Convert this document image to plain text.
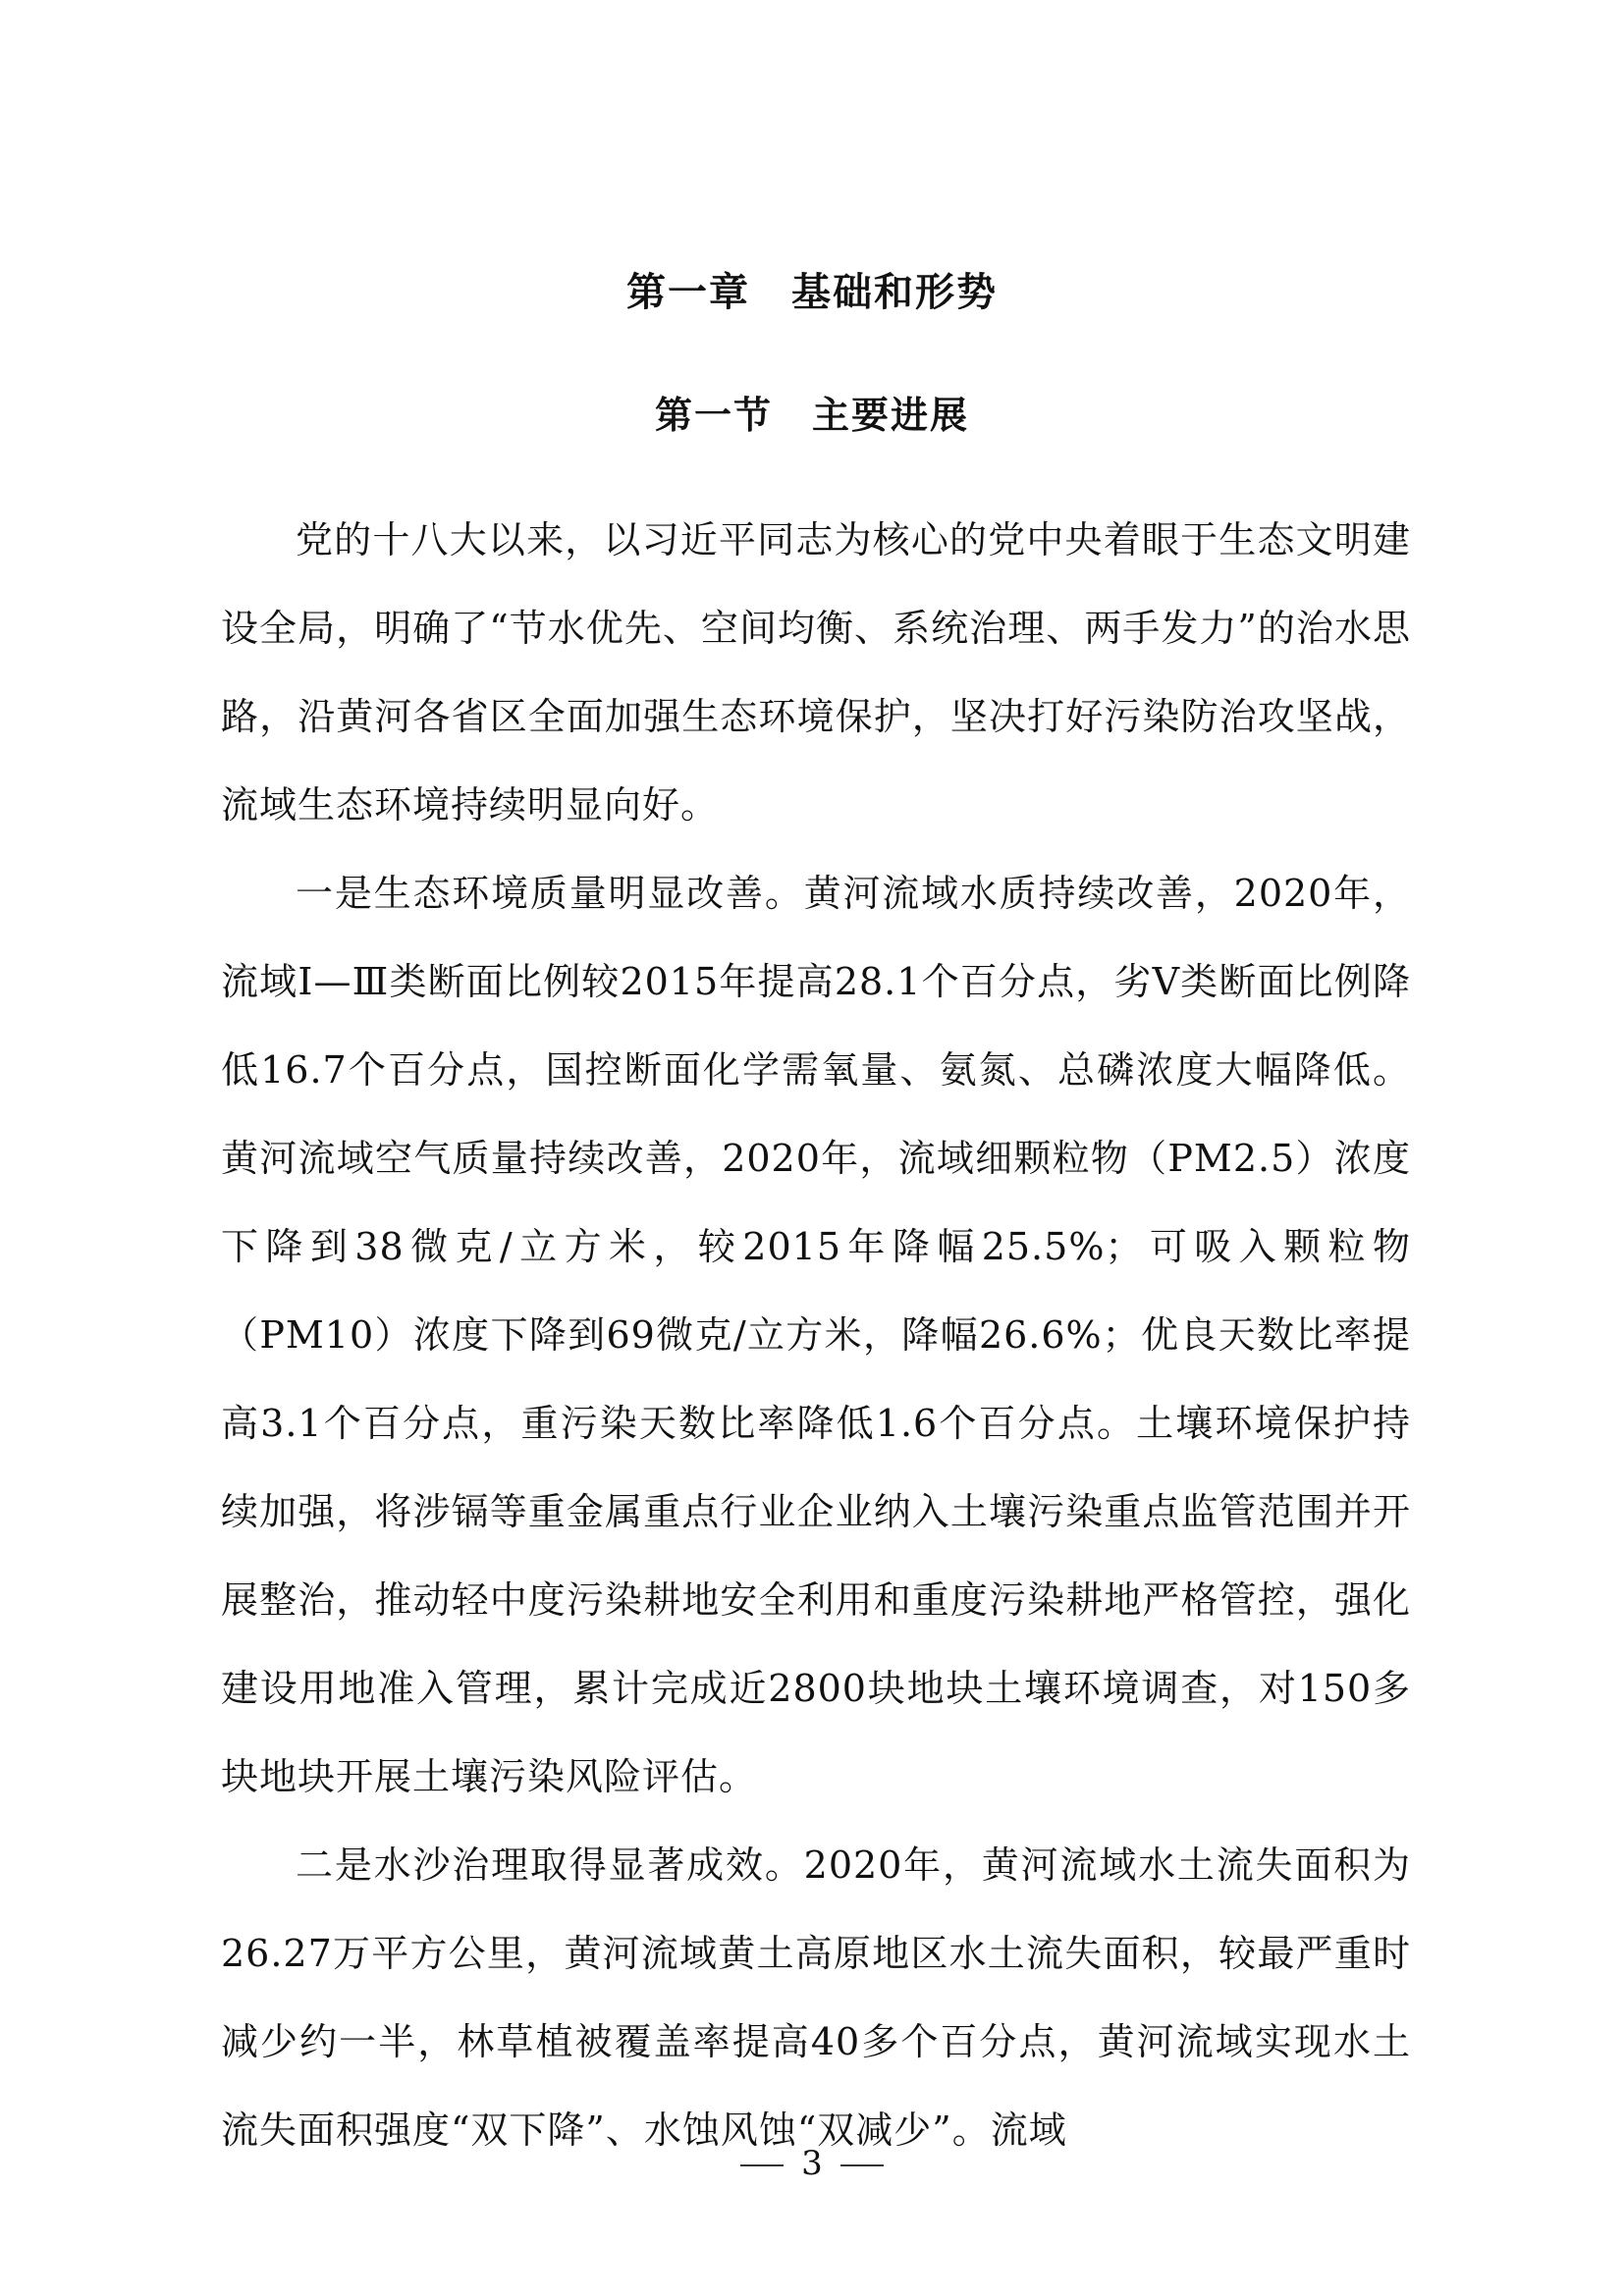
第一章　基础和形势
第一节　主要进展

党的十八大以来，以习近平同志为核心的党中央着眼于生态文明建设全局，明确了“节水优先、空间均衡、系统治理、两手发力”的治水思路，沿黄河各省区全面加强生态环境保护，坚决打好污染防治攻坚战，流域生态环境持续明显向好。

一是生态环境质量明显改善。黄河流域水质持续改善，2020年，流域Ⅰ—Ⅲ类断面比例较2015年提高28.1个百分点，劣Ⅴ类断面比例降低16.7个百分点，国控断面化学需氧量、氨氮、总磷浓度大幅降低。黄河流域空气质量持续改善，2020年，流域细颗粒物（PM2.5）浓度下降到38微克/立方米，较2015年降幅25.5%；可吸入颗粒物（PM10）浓度下降到69微克/立方米，降幅26.6%；优良天数比率提高3.1个百分点，重污染天数比率降低1.6个百分点。土壤环境保护持续加强，将涉镉等重金属重点行业企业纳入土壤污染重点监管范围并开展整治，推动轻中度污染耕地安全利用和重度污染耕地严格管控，强化建设用地准入管理，累计完成近2800块地块土壤环境调查，对150多块地块开展土壤污染风险评估。

二是水沙治理取得显著成效。2020年，黄河流域水土流失面积为26.27万平方公里，黄河流域黄土高原地区水土流失面积，较最严重时减少约一半，林草植被覆盖率提高40多个百分点，黄河流域实现水土流失面积强度“双下降”、水蚀风蚀“双减少”。流域

3
